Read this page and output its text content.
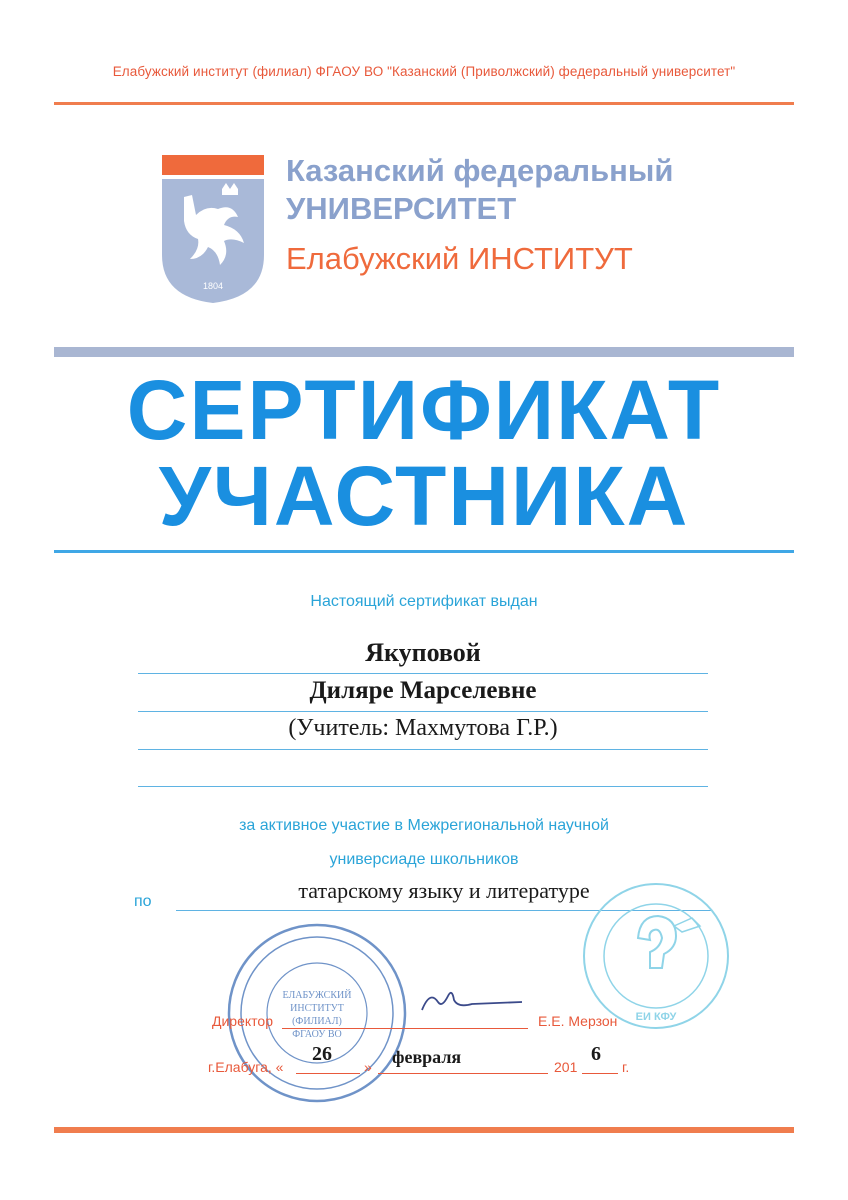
Елабужский институт (филиал) ФГАОУ ВО "Казанский (Приволжский) федеральный университет"
1804
Казанский федеральный
УНИВЕРСИТЕТ
Елабужский ИНСТИТУТ
СЕРТИФИКАТ
УЧАСТНИКА
Настоящий сертификат выдан
Якуповой
Диляре Марселевне
(Учитель: Махмутова Г.Р.)
за активное участие в Межрегиональной научной
универсиаде школьников
по	татарскому языку и литературе
ЕИ КФУ
ЕЛАБУЖСКИЙ
ИНСТИТУТ
(ФИЛИАЛ)
ФГАОУ ВО
Директор	Е.Е. Мерзон
г.Елабуга, «
26
» февраля	201
6
г.
